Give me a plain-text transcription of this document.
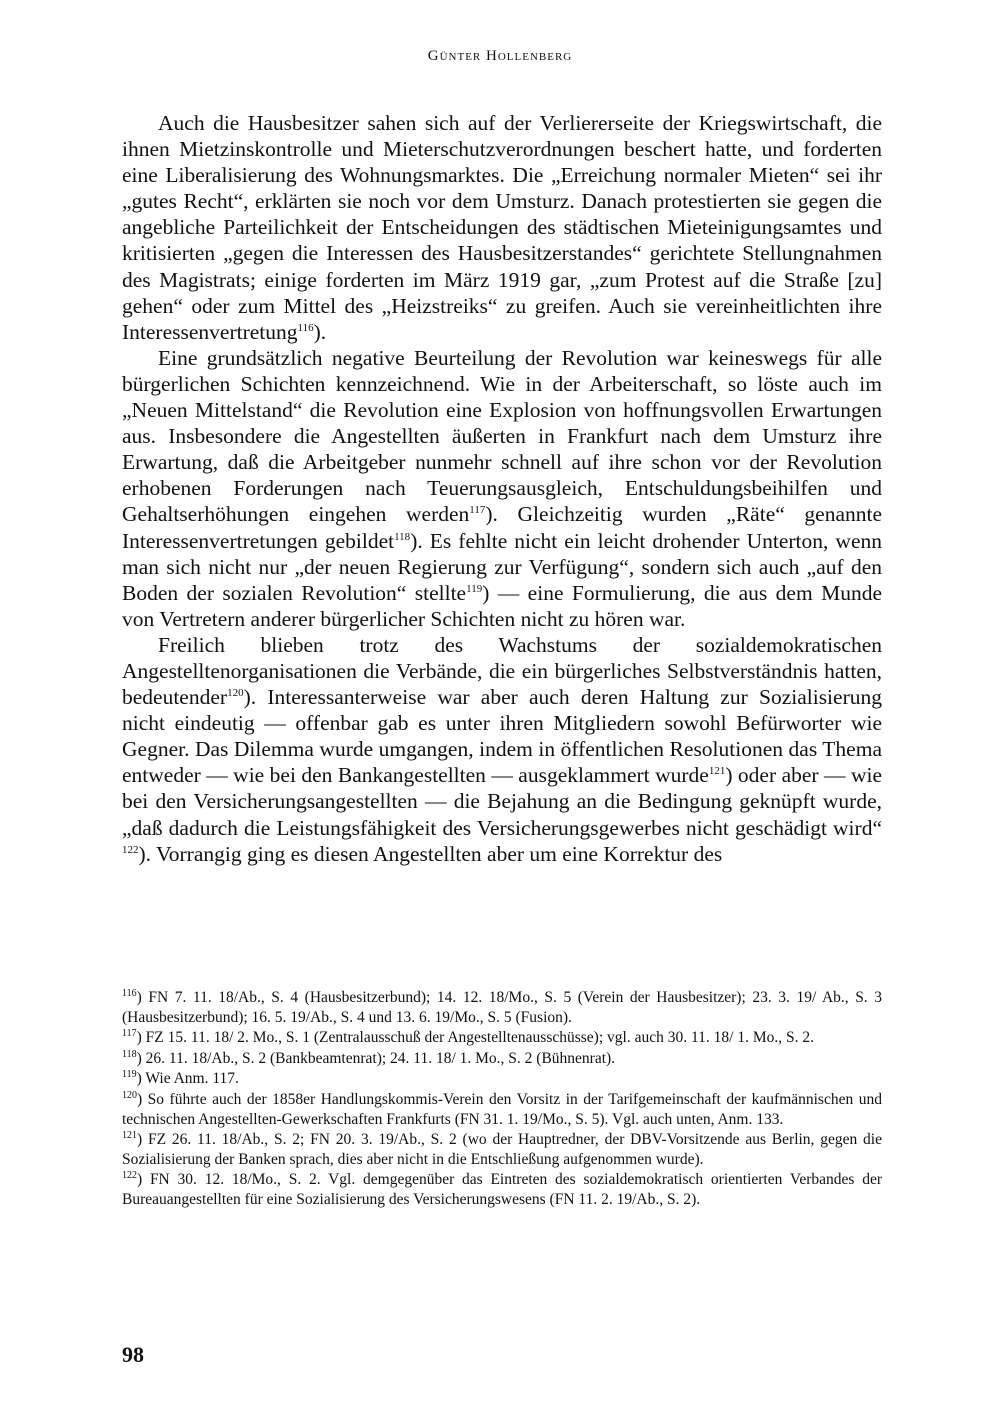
Günter Hollenberg

Auch die Hausbesitzer sahen sich auf der Verliererseite der Kriegswirtschaft, die ihnen Mietzinskontrolle und Mieterschutzverordnungen beschert hatte, und forderten eine Liberalisierung des Wohnungsmarktes. Die „Erreichung normaler Mieten“ sei ihr „gutes Recht“, erklärten sie noch vor dem Umsturz. Danach protestierten sie gegen die angebliche Parteilichkeit der Entscheidungen des städtischen Mieteinigungsamtes und kritisierten „gegen die Interessen des Hausbesitzerstandes“ gerichtete Stellungnahmen des Magistrats; einige forderten im März 1919 gar, „zum Protest auf die Straße [zu] gehen“ oder zum Mittel des „Heizstreiks“ zu greifen. Auch sie vereinheitlichten ihre Interessenvertretung$^{116}$).

Eine grundsätzlich negative Beurteilung der Revolution war keineswegs für alle bürgerlichen Schichten kennzeichnend. Wie in der Arbeiterschaft, so löste auch im „Neuen Mittelstand“ die Revolution eine Explosion von hoffnungsvollen Erwartungen aus. Insbesondere die Angestellten äußerten in Frankfurt nach dem Umsturz ihre Erwartung, daß die Arbeitgeber nunmehr schnell auf ihre schon vor der Revolution erhobenen Forderungen nach Teuerungsausgleich, Entschuldungsbeihilfen und Gehaltserhöhungen eingehen werden$^{117}$). Gleichzeitig wurden „Räte“ genannte Interessenvertretungen gebildet$^{118}$). Es fehlte nicht ein leicht drohender Unterton, wenn man sich nicht nur „der neuen Regierung zur Verfügung“, sondern sich auch „auf den Boden der sozialen Revolution“ stellte$^{119}$) — eine Formulierung, die aus dem Munde von Vertretern anderer bürgerlicher Schichten nicht zu hören war.

Freilich blieben trotz des Wachstums der sozialdemokratischen Angestelltenorganisationen die Verbände, die ein bürgerliches Selbstverständnis hatten, bedeutender$^{120}$). Interessanterweise war aber auch deren Haltung zur Sozialisierung nicht eindeutig — offenbar gab es unter ihren Mitgliedern sowohl Befürworter wie Gegner. Das Dilemma wurde umgangen, indem in öffentlichen Resolutionen das Thema entweder — wie bei den Bankangestellten — ausgeklammert wurde$^{121}$) oder aber — wie bei den Versicherungsangestellten — die Bejahung an die Bedingung geknüpft wurde, „daß dadurch die Leistungsfähigkeit des Versicherungsgewerbes nicht geschädigt wird“ $^{122}$). Vorrangig ging es diesen Angestellten aber um eine Korrektur des

$^{116}$) FN 7. 11. 18/Ab., S. 4 (Hausbesitzerbund); 14. 12. 18/Mo., S. 5 (Verein der Hausbesitzer); 23. 3. 19/ Ab., S. 3 (Hausbesitzerbund); 16. 5. 19/Ab., S. 4 und 13. 6. 19/Mo., S. 5 (Fusion).
$^{117}$) FZ 15. 11. 18/ 2. Mo., S. 1 (Zentralausschuß der Angestelltenausschüsse); vgl. auch 30. 11. 18/ 1. Mo., S. 2.
$^{118}$) 26. 11. 18/Ab., S. 2 (Bankbeamtenrat); 24. 11. 18/ 1. Mo., S. 2 (Bühnenrat).
$^{119}$) Wie Anm. 117.
$^{120}$) So führte auch der 1858er Handlungskommis-Verein den Vorsitz in der Tarifgemeinschaft der kaufmännischen und technischen Angestellten-Gewerkschaften Frankfurts (FN 31. 1. 19/Mo., S. 5). Vgl. auch unten, Anm. 133.
$^{121}$) FZ 26. 11. 18/Ab., S. 2; FN 20. 3. 19/Ab., S. 2 (wo der Hauptredner, der DBV-Vorsitzende aus Berlin, gegen die Sozialisierung der Banken sprach, dies aber nicht in die Entschließung aufgenommen wurde).
$^{122}$) FN 30. 12. 18/Mo., S. 2. Vgl. demgegenüber das Eintreten des sozialdemokratisch orientierten Verbandes der Bureauangestellten für eine Sozialisierung des Versicherungswesens (FN 11. 2. 19/Ab., S. 2).
98
